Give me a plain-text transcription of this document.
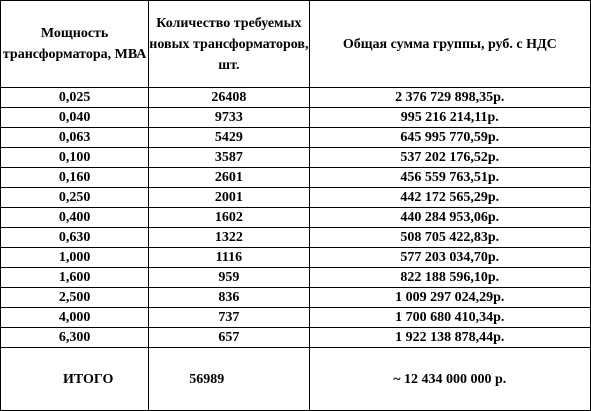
Мощность трансформатора, МВА	Количество требуемых новых трансформаторов, шт.	Общая сумма группы, руб. с НДС
0,025	26408	2 376 729 898,35р.
0,040	9733	995 216 214,11р.
0,063	5429	645 995 770,59р.
0,100	3587	537 202 176,52р.
0,160	2601	456 559 763,51р.
0,250	2001	442 172 565,29р.
0,400	1602	440 284 953,06р.
0,630	1322	508 705 422,83р.
1,000	1116	577 203 034,70р.
1,600	959	822 188 596,10р.
2,500	836	1 009 297 024,29р.
4,000	737	1 700 680 410,34р.
6,300	657	1 922 138 878,44р.
ИТОГО	56989	~ 12 434 000 000 р.
